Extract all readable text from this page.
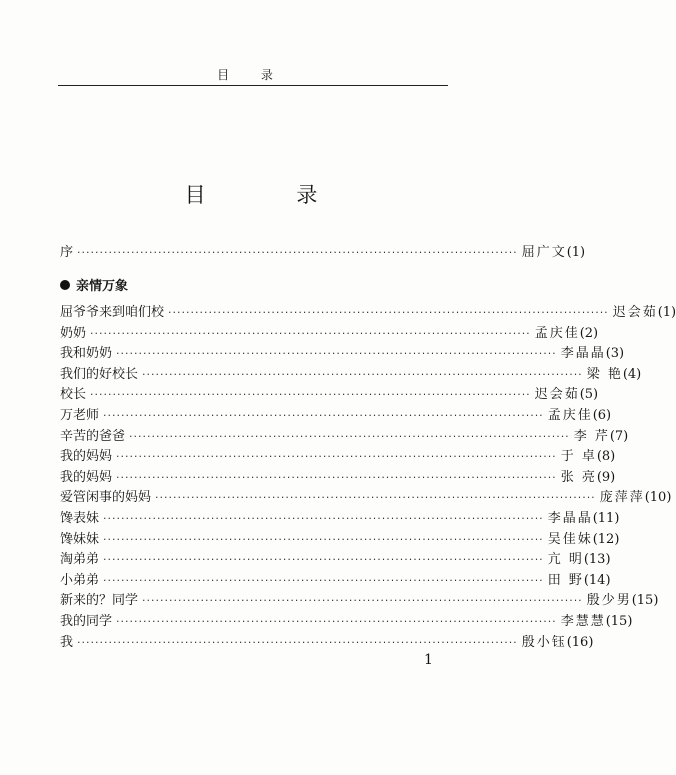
目 录
目 录
序 ·································································································· 屈广文(1)
亲情万象
屈爷爷来到咱们校 ·································································································· 迟会茹(1)
奶奶 ·································································································· 孟庆佳(2)
我和奶奶 ·································································································· 李晶晶(3)
我们的好校长 ·································································································· 梁 艳(4)
校长 ·································································································· 迟会茹(5)
万老师 ·································································································· 孟庆佳(6)
辛苦的爸爸 ·································································································· 李 芹(7)
我的妈妈 ·································································································· 于 卓(8)
我的妈妈 ·································································································· 张 亮(9)
爱管闲事的妈妈 ·································································································· 庞萍萍(10)
馋表妹 ·································································································· 李晶晶(11)
馋妹妹 ·································································································· 吴佳妹(12)
淘弟弟 ·································································································· 亢 明(13)
小弟弟 ·································································································· 田 野(14)
新来的？同学 ·································································································· 殷少男(15)
我的同学 ·································································································· 李慧慧(15)
我 ·································································································· 殷小钰(16)
1
